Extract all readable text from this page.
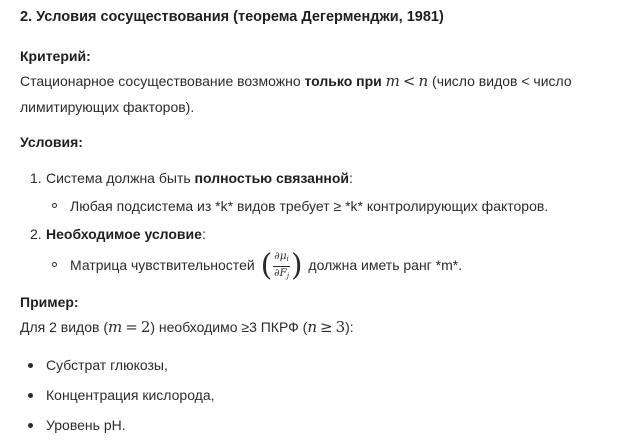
2. Условия сосуществования (теорема Дегерменджи, 1981)

Критерий:

Стационарное сосуществование возможно только при m < n (число видов < число

лимитирующих факторов).

Условия:

1. Система должна быть полностью связанной:
Любая подсистема из *k* видов требует ≥ *k* контролирующих факторов.
2. Необходимое условие:
Матрица чувствительностей ( $\frac{\partial\mu_i}{\partial F_j}$ ) должна иметь ранг *m*.

Пример:

Для 2 видов (m = 2) необходимо ≥3 ПКРФ (n ≥ 3):

Субстрат глюкозы,
Концентрация кислорода,
Уровень pH.
